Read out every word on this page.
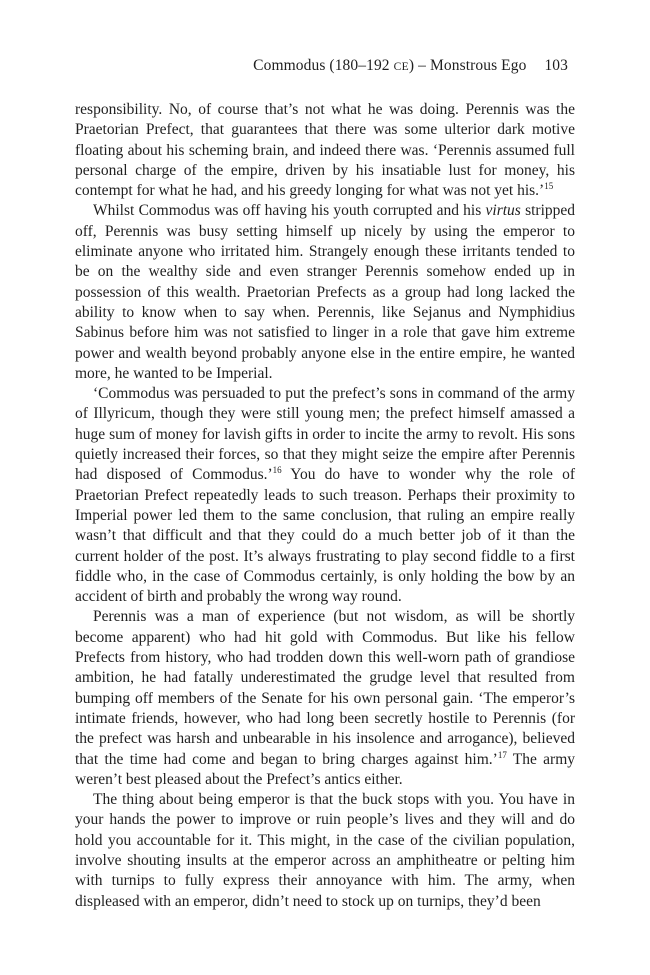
Commodus (180–192 CE) – Monstrous Ego 103

responsibility. No, of course that’s not what he was doing. Perennis was the Praetorian Prefect, that guarantees that there was some ulterior dark motive floating about his scheming brain, and indeed there was. ‘Perennis assumed full personal charge of the empire, driven by his insatiable lust for money, his contempt for what he had, and his greedy longing for what was not yet his.’$^{15}$

Whilst Commodus was off having his youth corrupted and his virtus stripped off, Perennis was busy setting himself up nicely by using the emperor to eliminate anyone who irritated him. Strangely enough these irritants tended to be on the wealthy side and even stranger Perennis somehow ended up in possession of this wealth. Praetorian Prefects as a group had long lacked the ability to know when to say when. Perennis, like Sejanus and Nymphidius Sabinus before him was not satisfied to linger in a role that gave him extreme power and wealth beyond probably anyone else in the entire empire, he wanted more, he wanted to be Imperial.

‘Commodus was persuaded to put the prefect’s sons in command of the army of Illyricum, though they were still young men; the prefect himself amassed a huge sum of money for lavish gifts in order to incite the army to revolt. His sons quietly increased their forces, so that they might seize the empire after Perennis had disposed of Commodus.’$^{16}$ You do have to wonder why the role of Praetorian Prefect repeatedly leads to such treason. Perhaps their proximity to Imperial power led them to the same conclusion, that ruling an empire really wasn’t that difficult and that they could do a much better job of it than the current holder of the post. It’s always frustrating to play second fiddle to a first fiddle who, in the case of Commodus certainly, is only holding the bow by an accident of birth and probably the wrong way round.

Perennis was a man of experience (but not wisdom, as will be shortly become apparent) who had hit gold with Commodus. But like his fellow Prefects from history, who had trodden down this well-worn path of grandiose ambition, he had fatally underestimated the grudge level that resulted from bumping off members of the Senate for his own personal gain. ‘The emperor’s intimate friends, however, who had long been secretly hostile to Perennis (for the prefect was harsh and unbearable in his insolence and arrogance), believed that the time had come and began to bring charges against him.’$^{17}$ The army weren’t best pleased about the Prefect’s antics either.

The thing about being emperor is that the buck stops with you. You have in your hands the power to improve or ruin people’s lives and they will and do hold you accountable for it. This might, in the case of the civilian population, involve shouting insults at the emperor across an amphitheatre or pelting him with turnips to fully express their annoyance with him. The army, when displeased with an emperor, didn’t need to stock up on turnips, they’d been
